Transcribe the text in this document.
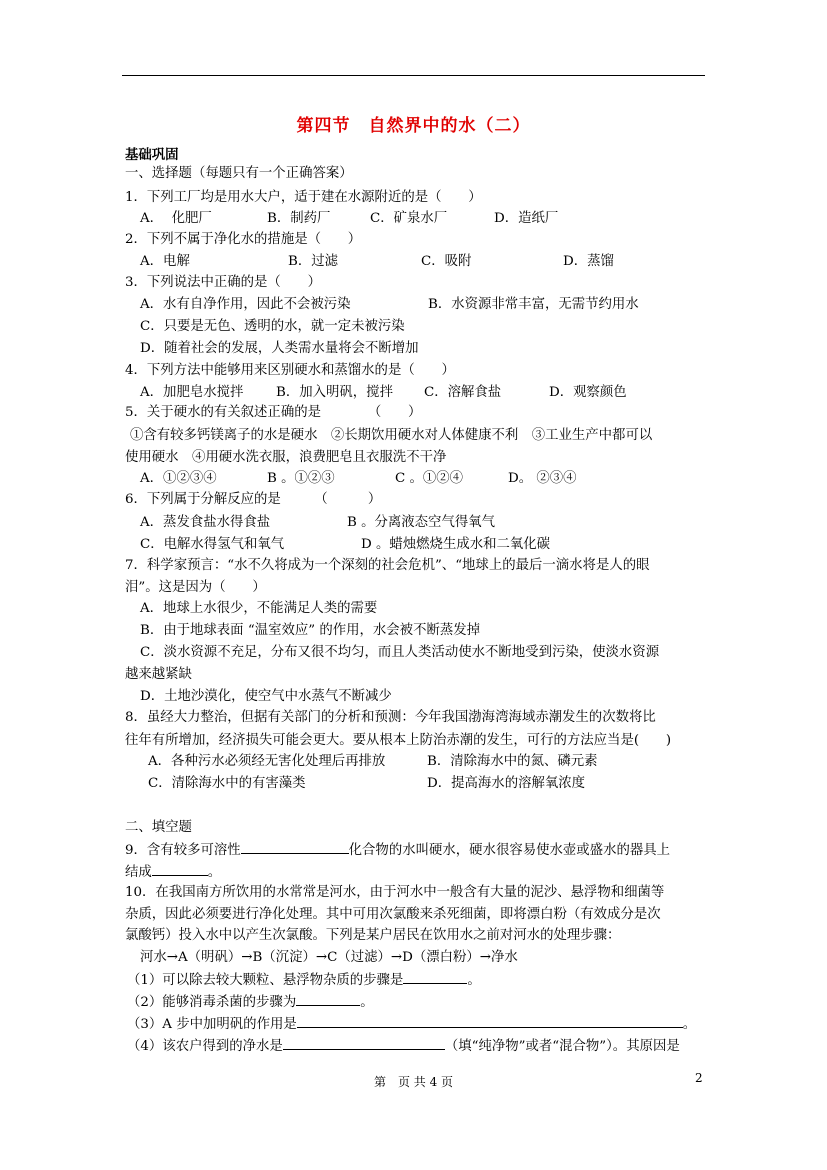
第四节　自然界中的水（二）
基础巩固
一、选择题（每题只有一个正确答案）
1．下列工厂均是用水大户，适于建在水源附近的是（　　）
A．  化肥厂	B．制药厂	C．矿泉水厂	D．造纸厂
2．下列不属于净化水的措施是（　　）
A．电解	B．过滤	C．吸附	D．蒸馏
3．下列说法中正确的是（　　）
A．水有自净作用，因此不会被污染	B．水资源非常丰富，无需节约用水
C．只要是无色、透明的水，就一定未被污染
D．随着社会的发展，人类需水量将会不断增加
4．下列方法中能够用来区别硬水和蒸馏水的是（　　）
A．加肥皂水搅拌 B．加入明矾，搅拌 C．溶解食盐	D．观察颜色
5．关于硬水的有关叙述正确的是　　　　（　　）
①含有较多钙镁离子的水是硬水　②长期饮用硬水对人体健康不利　③工业生产中都可以
使用硬水　④用硬水洗衣服，浪费肥皂且衣服洗不干净
A．①②③④	B 。①②③	C 。①②④	D。 ②③④
6．下列属于分解反应的是　　　（　　　）
A．蒸发食盐水得食盐	B 。分离液态空气得氧气
C．电解水得氢气和氧气	D 。蜡烛燃烧生成水和二氧化碳
7．科学家预言：“水不久将成为一个深刻的社会危机”、“地球上的最后一滴水将是人的眼
泪”。这是因为（　　）
A．地球上水很少，不能满足人类的需要
B．由于地球表面 “温室效应” 的作用，水会被不断蒸发掉
C．淡水资源不充足，分布又很不均匀，而且人类活动使水不断地受到污染，使淡水资源
越来越紧缺
D．土地沙漠化，使空气中水蒸气不断减少
8．虽经大力整治，但据有关部门的分析和预测：今年我国渤海湾海域赤潮发生的次数将比
往年有所增加，经济损失可能会更大。要从根本上防治赤潮的发生，可行的方法应当是(　　)
A．各种污水必须经无害化处理后再排放	B．清除海水中的氮、磷元素
C．清除海水中的有害藻类	D．提高海水的溶解氧浓度
二、填空题
9．含有较多可溶性	化合物的水叫硬水，硬水很容易使水壶或盛水的器具上
结成	。
10．在我国南方所饮用的水常常是河水，由于河水中一般含有大量的泥沙、悬浮物和细菌等
杂质，因此必须要进行净化处理。其中可用次氯酸来杀死细菌，即将漂白粉（有效成分是次
氯酸钙）投入水中以产生次氯酸。下列是某户居民在饮用水之前对河水的处理步骤：
河水→A（明矾）→B（沉淀）→C（过滤）→D（漂白粉）→净水
（1）可以除去较大颗粒、悬浮物杂质的步骤是	。
（2）能够消毒杀菌的步骤为	。
（3）A 步中加明矾的作用是	。
（4）该农户得到的净水是	（填“纯净物”或者“混合物”）。其原因是
第　页 共 4 页	2
